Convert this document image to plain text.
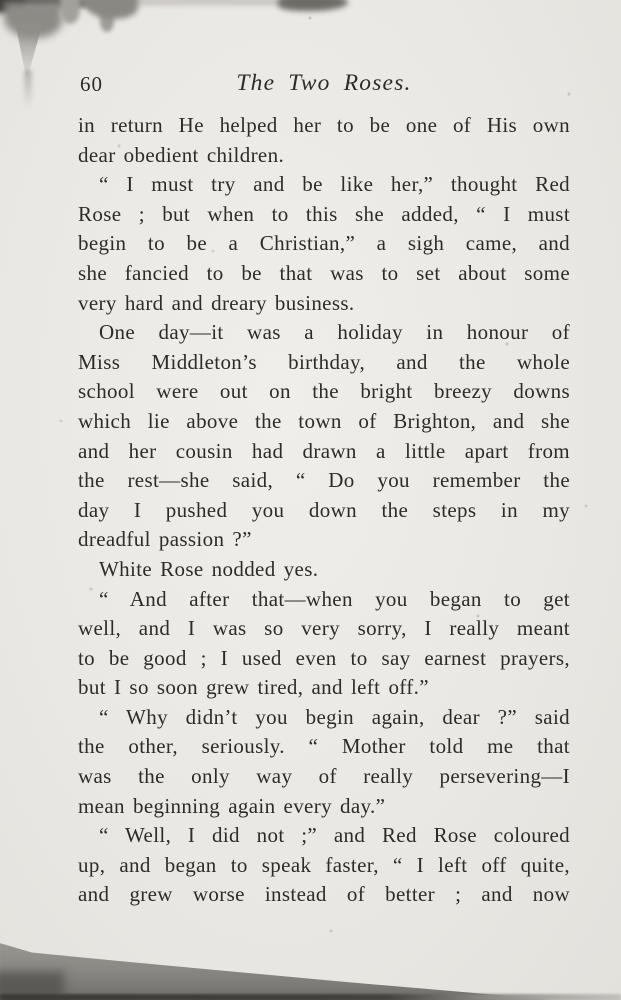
60	The Two Roses.
in return He helped her to be one of His own
dear obedient children.
“ I must try and be like her,” thought Red
Rose ; but when to this she added, “ I must
begin to be a Christian,” a sigh came, and
she fancied to be that was to set about some
very hard and dreary business.
One day—it was a holiday in honour of
Miss Middleton’s birthday, and the whole
school were out on the bright breezy downs
which lie above the town of Brighton, and she
and her cousin had drawn a little apart from
the rest—she said, “ Do you remember the
day I pushed you down the steps in my
dreadful passion ?”
White Rose nodded yes.
“ And after that—when you began to get
well, and I was so very sorry, I really meant
to be good ; I used even to say earnest prayers,
but I so soon grew tired, and left off.”
“ Why didn’t you begin again, dear ?” said
the other, seriously. “ Mother told me that
was the only way of really persevering—I
mean beginning again every day.”
“ Well, I did not ;” and Red Rose coloured
up, and began to speak faster, “ I left off quite,
and grew worse instead of better ; and now
